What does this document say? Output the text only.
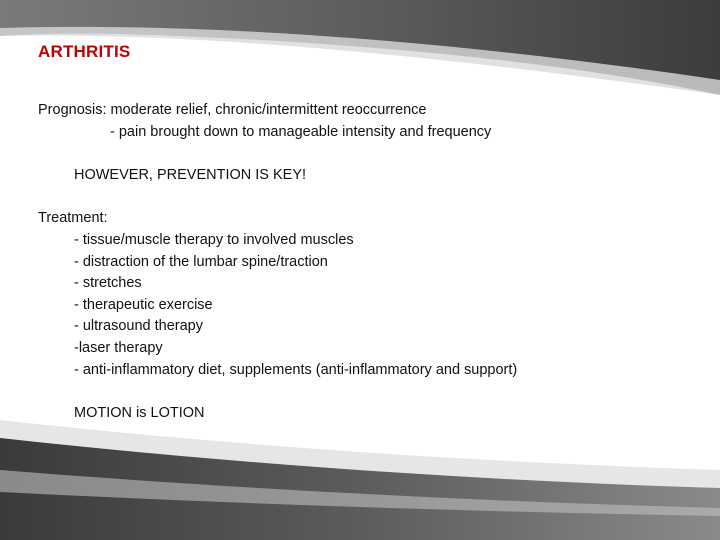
ARTHRITIS
Prognosis: moderate relief, chronic/intermittent reoccurrence
- pain brought down to manageable intensity and frequency
HOWEVER, PREVENTION IS KEY!
Treatment:
- tissue/muscle therapy to involved muscles
- distraction of the lumbar spine/traction
- stretches
- therapeutic exercise
- ultrasound therapy
-laser therapy
- anti-inflammatory diet, supplements (anti-inflammatory and support)
MOTION is LOTION
